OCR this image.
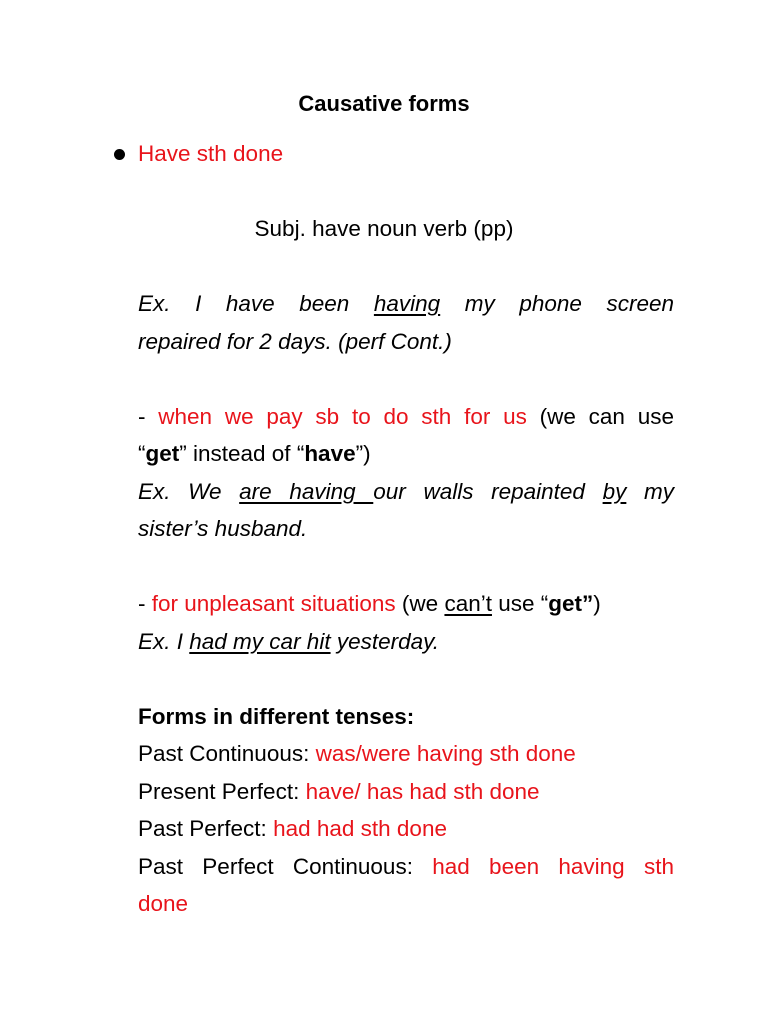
Causative forms
Have sth done
Subj. have noun verb (pp)
Ex. I have been having my phone screen
repaired for 2 days. (perf Cont.)
- when we pay sb to do sth for us (we can use
“get” instead of “have”)
Ex. We are having our walls repainted by my
sister’s husband.
- for unpleasant situations (we can’t use “get”)
Ex. I had my car hit yesterday.
Forms in different tenses:
Past Continuous: was/were having sth done
Present Perfect: have/ has had sth done
Past Perfect: had had sth done
Past Perfect Continuous: had been having sth
done
